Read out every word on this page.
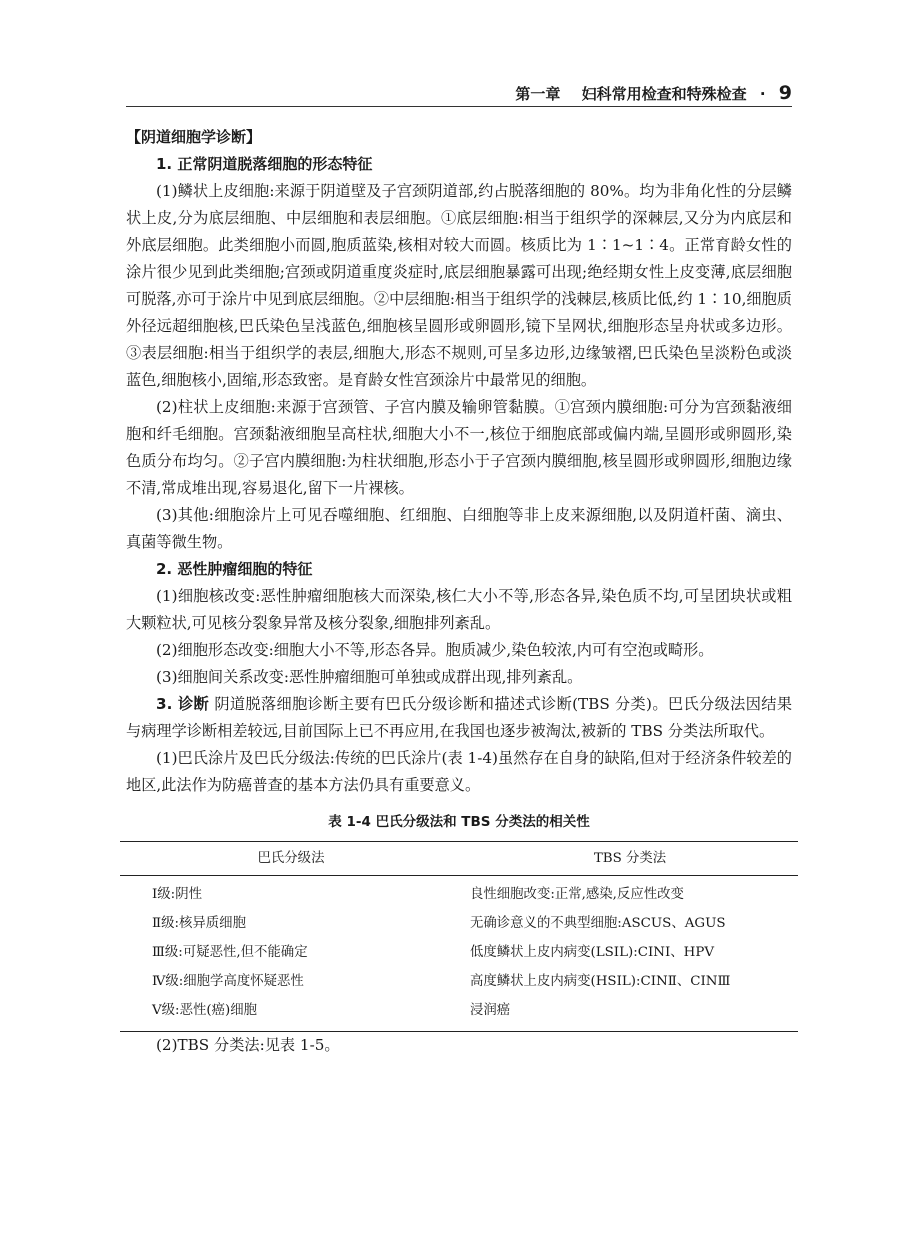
第一章 妇科常用检查和特殊检查 · 9

【阴道细胞学诊断】

1. 正常阴道脱落细胞的形态特征

(1)鳞状上皮细胞:来源于阴道壁及子宫颈阴道部,约占脱落细胞的 80%。均为非角化性的分层鳞状上皮,分为底层细胞、中层细胞和表层细胞。①底层细胞:相当于组织学的深棘层,又分为内底层和外底层细胞。此类细胞小而圆,胞质蓝染,核相对较大而圆。核质比为 1∶1~1∶4。正常育龄女性的涂片很少见到此类细胞;宫颈或阴道重度炎症时,底层细胞暴露可出现;绝经期女性上皮变薄,底层细胞可脱落,亦可于涂片中见到底层细胞。②中层细胞:相当于组织学的浅棘层,核质比低,约 1∶10,细胞质外径远超细胞核,巴氏染色呈浅蓝色,细胞核呈圆形或卵圆形,镜下呈网状,细胞形态呈舟状或多边形。③表层细胞:相当于组织学的表层,细胞大,形态不规则,可呈多边形,边缘皱褶,巴氏染色呈淡粉色或淡蓝色,细胞核小,固缩,形态致密。是育龄女性宫颈涂片中最常见的细胞。

(2)柱状上皮细胞:来源于宫颈管、子宫内膜及输卵管黏膜。①宫颈内膜细胞:可分为宫颈黏液细胞和纤毛细胞。宫颈黏液细胞呈高柱状,细胞大小不一,核位于细胞底部或偏内端,呈圆形或卵圆形,染色质分布均匀。②子宫内膜细胞:为柱状细胞,形态小于子宫颈内膜细胞,核呈圆形或卵圆形,细胞边缘不清,常成堆出现,容易退化,留下一片裸核。

(3)其他:细胞涂片上可见吞噬细胞、红细胞、白细胞等非上皮来源细胞,以及阴道杆菌、滴虫、真菌等微生物。

2. 恶性肿瘤细胞的特征

(1)细胞核改变:恶性肿瘤细胞核大而深染,核仁大小不等,形态各异,染色质不均,可呈团块状或粗大颗粒状,可见核分裂象异常及核分裂象,细胞排列紊乱。

(2)细胞形态改变:细胞大小不等,形态各异。胞质减少,染色较浓,内可有空泡或畸形。

(3)细胞间关系改变:恶性肿瘤细胞可单独或成群出现,排列紊乱。

3. 诊断 阴道脱落细胞诊断主要有巴氏分级诊断和描述式诊断(TBS 分类)。巴氏分级法因结果与病理学诊断相差较远,目前国际上已不再应用,在我国也逐步被淘汰,被新的 TBS 分类法所取代。

(1)巴氏涂片及巴氏分级法:传统的巴氏涂片(表 1-4)虽然存在自身的缺陷,但对于经济条件较差的地区,此法作为防癌普查的基本方法仍具有重要意义。

表 1-4 巴氏分级法和 TBS 分类法的相关性
巴氏分级法	TBS 分类法
Ⅰ级:阴性	良性细胞改变:正常,感染,反应性改变
Ⅱ级:核异质细胞	无确诊意义的不典型细胞:ASCUS、AGUS
Ⅲ级:可疑恶性,但不能确定	低度鳞状上皮内病变(LSIL):CINⅠ、HPV
Ⅳ级:细胞学高度怀疑恶性	高度鳞状上皮内病变(HSIL):CINⅡ、CINⅢ
Ⅴ级:恶性(癌)细胞	浸润癌

(2)TBS 分类法:见表 1-5。
